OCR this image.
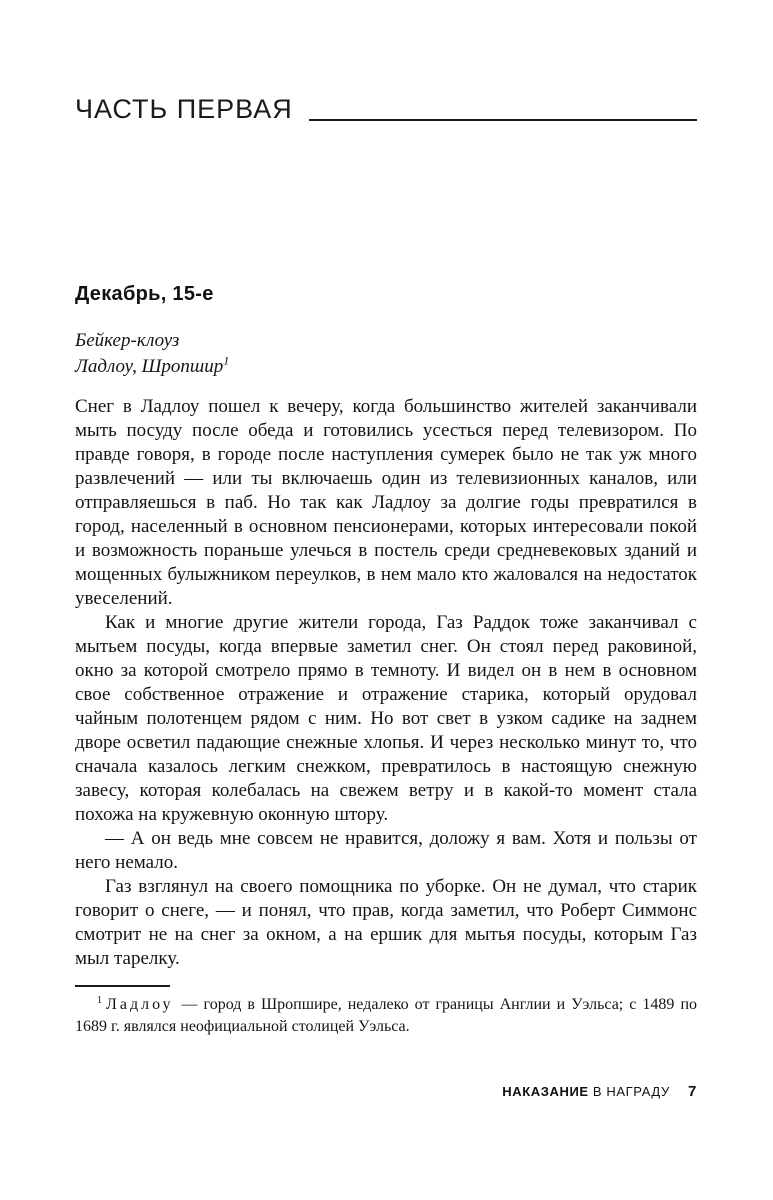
ЧАСТЬ ПЕРВАЯ
Декабрь, 15-е
Бейкер-клоуз
Ладлоу, Шропшир$^1$

Снег в Ладлоу пошел к вечеру, когда большинство жителей заканчивали мыть посуду после обеда и готовились усесться перед телевизором. По правде говоря, в городе после наступления сумерек было не так уж много развлечений — или ты включаешь один из телевизионных каналов, или отправляешься в паб. Но так как Ладлоу за долгие годы превратился в город, населенный в основном пенсионерами, которых интересовали покой и возможность пораньше улечься в постель среди средневековых зданий и мощенных булыжником переулков, в нем мало кто жаловался на недостаток увеселений.

Как и многие другие жители города, Газ Раддок тоже заканчивал с мытьем посуды, когда впервые заметил снег. Он стоял перед раковиной, окно за которой смотрело прямо в темноту. И видел он в нем в основном свое собственное отражение и отражение старика, который орудовал чайным полотенцем рядом с ним. Но вот свет в узком садике на заднем дворе осветил падающие снежные хлопья. И через несколько минут то, что сначала казалось легким снежком, превратилось в настоящую снежную завесу, которая колебалась на свежем ветру и в какой-то момент стала похожа на кружевную оконную штору.

— А он ведь мне совсем не нравится, доложу я вам. Хотя и пользы от него немало.

Газ взглянул на своего помощника по уборке. Он не думал, что старик говорит о снеге, — и понял, что прав, когда заметил, что Роберт Симмонс смотрит не на снег за окном, а на ершик для мытья посуды, которым Газ мыл тарелку.

$^1$ Ладлоу — город в Шропшире, недалеко от границы Англии и Уэльса; с 1489 по 1689 г. являлся неофициальной столицей Уэльса.

НАКАЗАНИЕ В НАГРАДУ 7
